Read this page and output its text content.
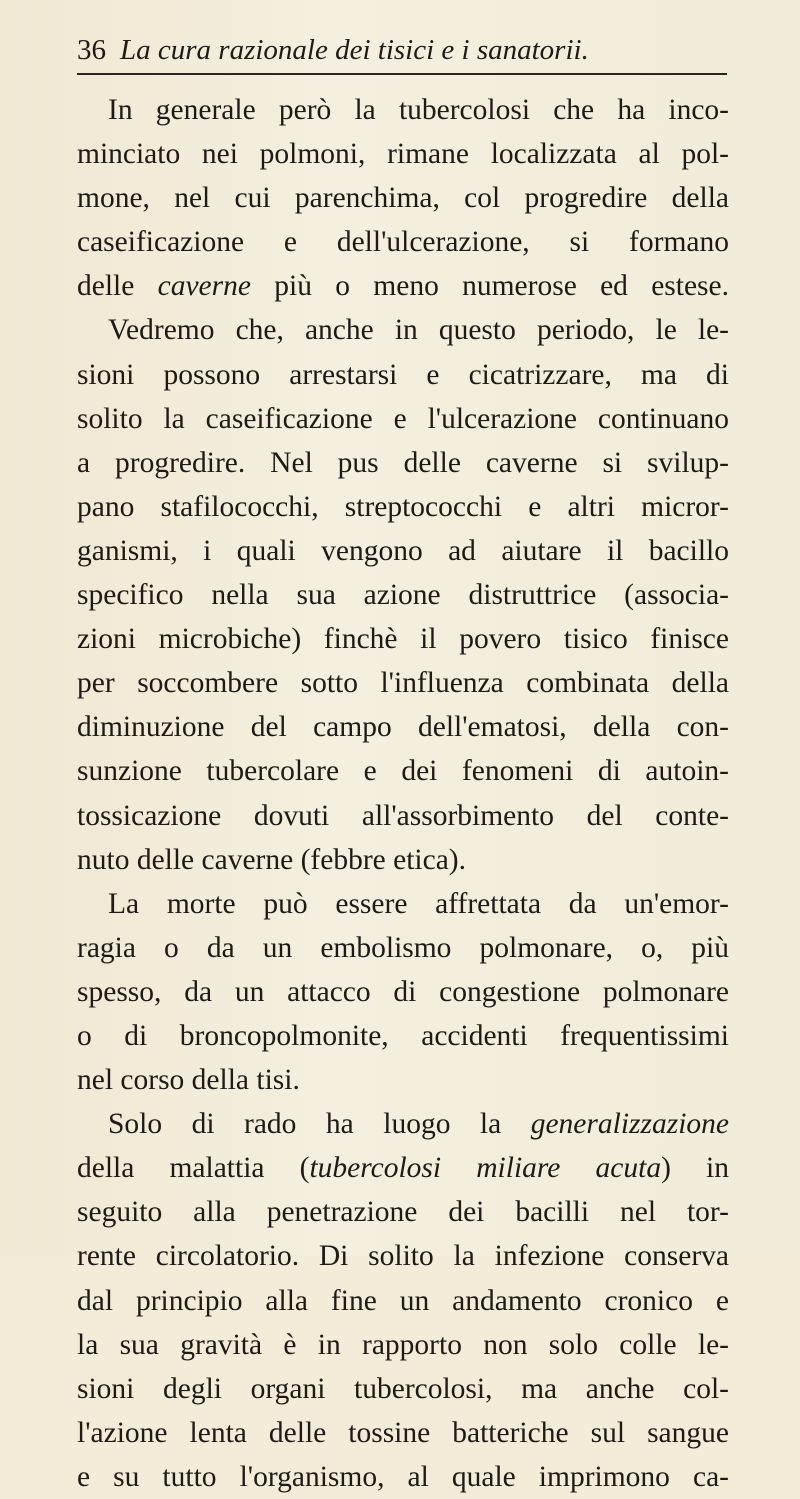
36 La cura razionale dei tisici e i sanatorii.
In generale però la tubercolosi che ha inco-
minciato nei polmoni, rimane localizzata al pol-
mone, nel cui parenchima, col progredire della
caseificazione e dell'ulcerazione, si formano
delle caverne più o meno numerose ed estese.
Vedremo che, anche in questo periodo, le le-
sioni possono arrestarsi e cicatrizzare, ma di
solito la caseificazione e l'ulcerazione continuano
a progredire. Nel pus delle caverne si svilup-
pano stafilococchi, streptococchi e altri micror-
ganismi, i quali vengono ad aiutare il bacillo
specifico nella sua azione distruttrice (associa-
zioni microbiche) finchè il povero tisico finisce
per soccombere sotto l'influenza combinata della
diminuzione del campo dell'ematosi, della con-
sunzione tubercolare e dei fenomeni di autoin-
tossicazione dovuti all'assorbimento del conte-
nuto delle caverne (febbre etica).
La morte può essere affrettata da un'emor-
ragia o da un embolismo polmonare, o, più
spesso, da un attacco di congestione polmonare
o di broncopolmonite, accidenti frequentissimi
nel corso della tisi.
Solo di rado ha luogo la generalizzazione
della malattia (tubercolosi miliare acuta) in
seguito alla penetrazione dei bacilli nel tor-
rente circolatorio. Di solito la infezione conserva
dal principio alla fine un andamento cronico e
la sua gravità è in rapporto non solo colle le-
sioni degli organi tubercolosi, ma anche col-
l'azione lenta delle tossine batteriche sul sangue
e su tutto l'organismo, al quale imprimono ca-
